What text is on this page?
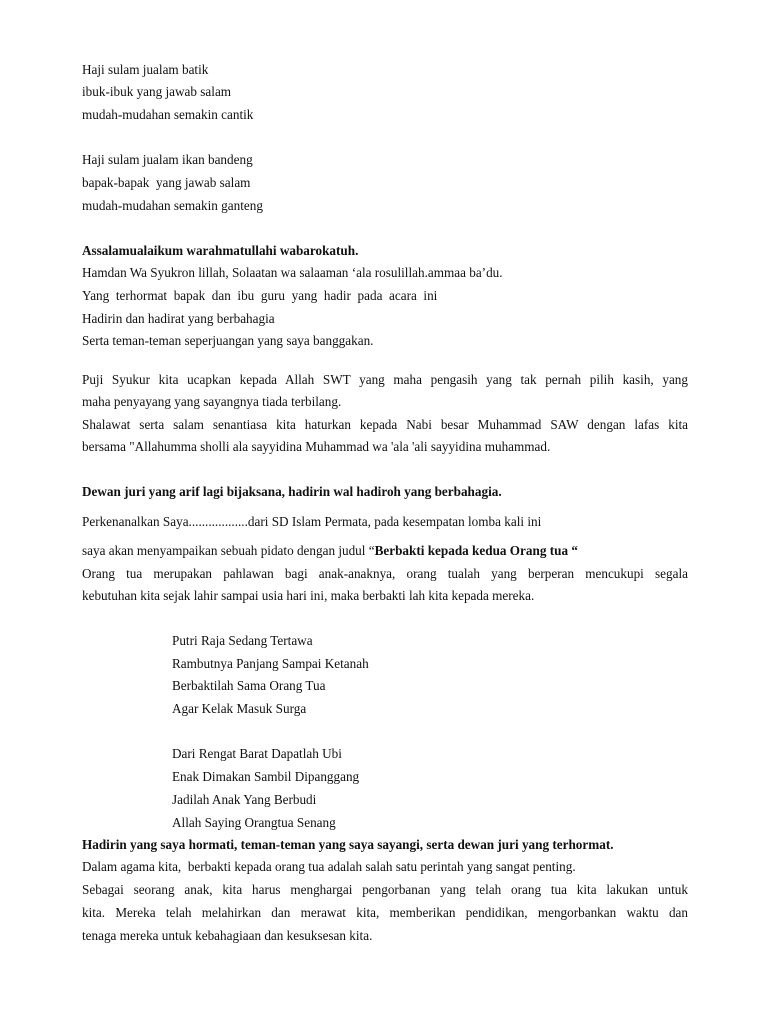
Haji sulam jualam batik
ibuk-ibuk yang jawab salam
mudah-mudahan semakin cantik
Haji sulam jualam ikan bandeng
bapak-bapak  yang jawab salam
mudah-mudahan semakin ganteng
Assalamualaikum warahmatullahi wabarokatuh.
Hamdan Wa Syukron lillah, Solaatan wa salaaman ‘ala rosulillah.ammaa ba’du.
Yang  terhormat  bapak  dan  ibu  guru  yang  hadir  pada  acara  ini
Hadirin dan hadirat yang berbahagia
Serta teman-teman seperjuangan yang saya banggakan.
Puji Syukur kita ucapkan kepada Allah SWT yang maha pengasih yang tak pernah pilih kasih, yang
maha penyayang yang sayangnya tiada terbilang.
Shalawat serta salam senantiasa kita haturkan kepada Nabi besar Muhammad SAW dengan lafas kita
bersama "Allahumma sholli ala sayyidina Muhammad wa 'ala 'ali sayyidina muhammad.
Dewan juri yang arif lagi bijaksana, hadirin wal hadiroh yang berbahagia.
Perkenanalkan Saya..................dari SD Islam Permata, pada kesempatan lomba kali ini
saya akan menyampaikan sebuah pidato dengan judul “Berbakti kepada kedua Orang tua “
Orang tua merupakan pahlawan bagi anak-anaknya, orang tualah yang berperan mencukupi segala
kebutuhan kita sejak lahir sampai usia hari ini, maka berbakti lah kita kepada mereka.
Putri Raja Sedang Tertawa
Rambutnya Panjang Sampai Ketanah
Berbaktilah Sama Orang Tua
Agar Kelak Masuk Surga
Dari Rengat Barat Dapatlah Ubi
Enak Dimakan Sambil Dipanggang
Jadilah Anak Yang Berbudi
Allah Saying Orangtua Senang
Hadirin yang saya hormati, teman-teman yang saya sayangi, serta dewan juri yang terhormat.
Dalam agama kita,  berbakti kepada orang tua adalah salah satu perintah yang sangat penting.
Sebagai seorang anak, kita harus menghargai pengorbanan yang telah orang tua kita lakukan untuk
kita. Mereka telah melahirkan dan merawat kita, memberikan pendidikan, mengorbankan waktu dan
tenaga mereka untuk kebahagiaan dan kesuksesan kita.
